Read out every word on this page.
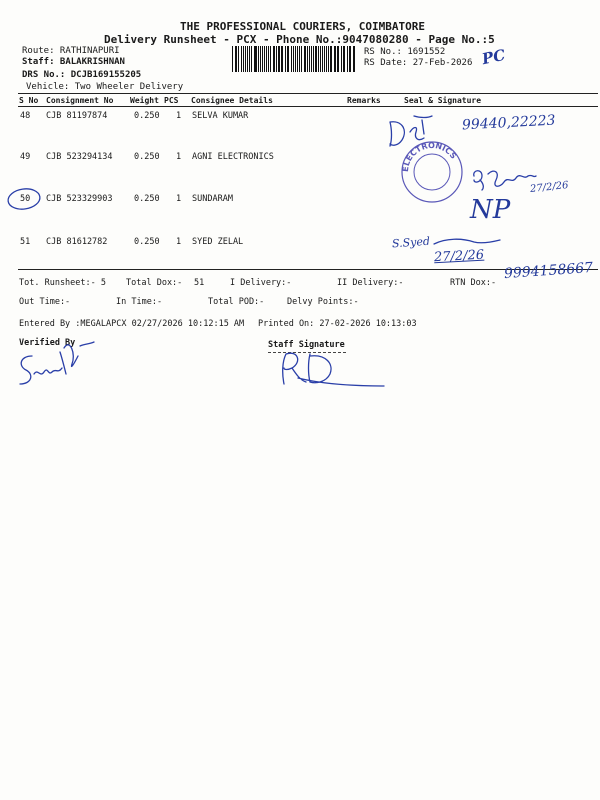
THE PROFESSIONAL COURIERS, COIMBATORE
Delivery Runsheet - PCX - Phone No.:9047080280 - Page No.:5
Route: RATHINAPURI
Staff: BALAKRISHNAN
DRS No.: DCJB169155205
Vehicle: Two Wheeler Delivery
RS No.: 1691552
RS Date: 27-Feb-2026 PC
S No Consignment No Weight PCS Consignee Details	Remarks	Seal & Signature
48 CJB 81197874	0.250 1 SELVA KUMAR
49 CJB 523294134	0.250 1 AGNI ELECTRONICS
50 CJB 523329903	0.250 1 SUNDARAM
51 CJB 81612782	0.250 1 SYED ZELAL
99440,22223
ELECTRONICS
27/2/26
NP
S.Syed
27/2/26
9994158667
Tot. Runsheet:- 5 Total Dox:- 51	I Delivery:-	II Delivery:-	RTN Dox:-
Out Time:-	In Time:-	Total POD:-	Delvy Points:-
Entered By :MEGALAPCX 02/27/2026 10:12:15 AM Printed On: 27-02-2026 10:13:03
Verified By	Staff Signature
